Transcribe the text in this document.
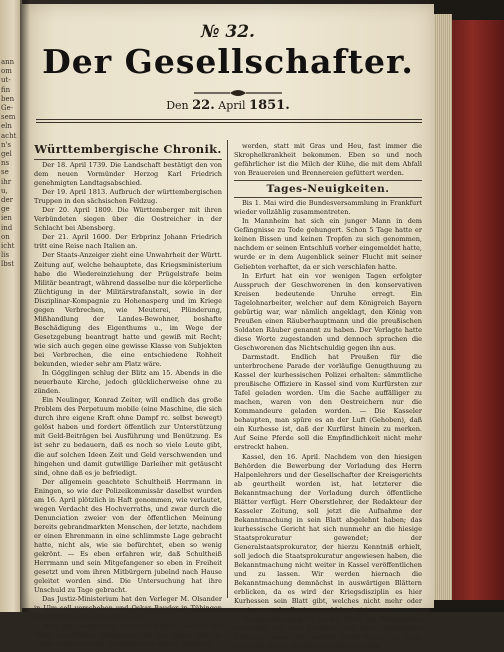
ann
om
ut-
fin
ben
Ge-
sem
eln
acht
n's
gel
ns
se
ihr
u,
der
ge
ien
ind
on
icht
lis
lbst
№ 32.
Der Gesellschafter.
Den 22. April 1851.
Württembergische Chronik.

Der 18. April 1739. Die Landschaft bestätigt den von dem neuen Vormünder Herzog Karl Friedrich genehmigten Landtagsabschied.

Der 19. April 1813. Aufbruch der württembergischen Truppen in den sächsischen Feldzug.

Der 20. April 1809. Die Württemberger mit ihren Verbündeten siegen über die Oestreicher in der Schlacht bei Abensberg.

Der 21. April 1600. Der Erbprinz Johann Friedrich tritt eine Reise nach Italien an.

Der Staats-Anzeiger zieht eine Unwahrheit der Württ. Zeitung auf, welche behauptete, das Kriegsministerium habe die Wiedereinziehung der Prügelstrafe beim Militär beantragt, während dasselbe nur die körperliche Züchtigung in der Militärstrafanstalt, sowie in der Disziplinar-Kompagnie zu Hohenasperg und im Kriege gegen Verbrechen, wie Meuterei, Plünderung, Mißhandlung der Landes-Bewohner, boshafte Beschädigung des Eigenthums u., im Wege der Gesetzgebung beantragt hatte und gewiß mit Recht; wie sich auch gegen eine gewisse Klasse von Subjekten bei Verbrechen, die eine entschiedene Rohheit bekunden, wieder sehr am Platz wäre.

In Gögglingen schlug der Blitz am 15. Abends in die neuerbaute Kirche, jedoch glücklicherweise ohne zu zünden.

Ein Neulinger, Konrad Zeiter, will endlich das große Problem des Perpetuum mobile (eine Maschine, die sich durch ihre eigene Kraft ohne Dampf rc. selbst bewegt) gelöst haben und fordert öffentlich zur Unterstützung mit Geld-Beiträgen bei Ausführung und Benützung. Es ist sehr zu bedauern, daß es noch so viele Leute gibt, die auf solchen Ideen Zeit und Geld verschwenden und hingehen und damit gutwillige Darleiher mit getäuscht sind, ohne daß es je befriedigt.

Der allgemein geachtete Schultheiß Herrmann in Eningen, so wie der Polizeikommissär daselbst wurden am 16. April plötzlich in Haft genommen, wie verlautet, wegen Verdacht des Hochverraths, und zwar durch die Denunciation zweier von der öffentlichen Meinung bereits gebrandmarkten Menschen, der letzte, nachdem er einen Ehrenmann in eine schlimmste Lage gebracht hatte, nicht als, wie sie befürchtet, eben so wenig gekrönt. — Es eben erfahren wir, daß Schultheiß Herrmann und sein Mitgefangener so eben in Freiheit gesetzt und vom ihren Mitbürgern jubelnd nach Hause geleitet worden sind. Die Untersuchung hat ihre Unschuld zu Tage gebracht.

Das Justiz-Ministerium hat den Verleger M. Olsander in Ulm soll verschoben und Oskar Bauder in Tübingen zum Präsidenten ernannt werden.

Man hat beobachtet, daß die Kinder, welche die Milch von Kühen bekommen, die das ganze Jahr im Stalle stehen und mit Kartoffeln und Rüben gefüttert

werden, statt mit Gras und Heu, fast immer die Skrophelkrankheit bekommen. Eben so und noch gefährlicher ist die Milch der Kühe, die mit dem Abfall von Brauereien und Brennereien gefüttert werden.

Tages-Neuigkeiten.

Bis 1. Mai wird die Bundesversammlung in Frankfurt wieder vollzählig zusammentreten.

In Mannheim hat sich ein junger Mann in dem Gefängnisse zu Tode gehungert. Schon 5 Tage hatte er keinen Bissen und keinen Tropfen zu sich genommen, nachdem er seinen Entschluß vorher eingemeldet hatte, wurde er in dem Augenblick seiner Flucht mit seiner Geliebten verhaftet, da er sich verschlafen hatte.

In Erfurt hat ein vor wenigen Tagen erfolgter Ausspruch der Geschworenen in den konservativen Kreisen bedeutende Unruhe erregt. Ein Tagelohnarbeiter, welcher auf dem Königreich Bayern gebürtig war, war nämlich angeklagt, den König von Preußen einen Räuberhauptmann und die preußischen Soldaten Räuber genannt zu haben. Der Verlagte hatte diese Worte zugestanden und dennoch sprachen die Geschworenen das Nichtschuldig gegen ihn aus.

Darmstadt. Endlich hat Preußen für die unterbrochene Parade der vorläufige Genugthuung zu Kassel der kurhessischen Polizei erhalten: sämmtliche preußische Offiziere in Kassel sind vom Kurfürsten zur Tafel geladen worden. Um die Sache auffälliger zu machen, waren von den Oestreichern nur die Kommandeure geladen worden. — Die Kasseler behaupten, man spüre es an der Luft (Gehoben), daß ein Kurhesse ist, daß der Kurfürst hinein zu merken. Auf Seine Pferde soll die Empfindlichkeit nicht mehr erstreckt haben.

Kassel, den 16. April. Nachdem von den hiesigen Behörden die Bewerbung der Vorladung des Herrn Halpenlehrers und der Gesellschafter der Kreisgerichts ab geurtheilt worden ist, hat letzterer die Bekanntmachung der Vorladung durch öffentliche Blätter verfügt. Herr Oberstlehrer, der Redakteur der Kasseler Zeitung, soll jetzt die Aufnahme der Bekanntmachung in sein Blatt abgelehnt haben; das kurhessische Gericht hat sich nunmehr an die hiesige Staatsprokuratur gewendet; der Generalstaatsprokurator, der hierzu Kenntniß erhielt, soll jedoch die Staatsprokuratur angewiesen haben, die Bekanntmachung nicht weiter in Kassel veröffentlichen und zu lassen. Wir werden hiernach die Bekanntmachung demnächst in auswärtigen Blättern erblicken, da es wird der Kriegsdisziplin es hier Kurhessen sein Blatt gibt, welches nicht mehr oder weniger von der Regierung abhängig ist.

Ein aus achtzig Jahre ist der Fürst von Wittgenstein geworden, um den Preußen nicht ihren Diplomaten fehlen zu lassen, aber endlich wurde ihm gar zu warm unter der Krone. Er hatte mit diesem Leben
